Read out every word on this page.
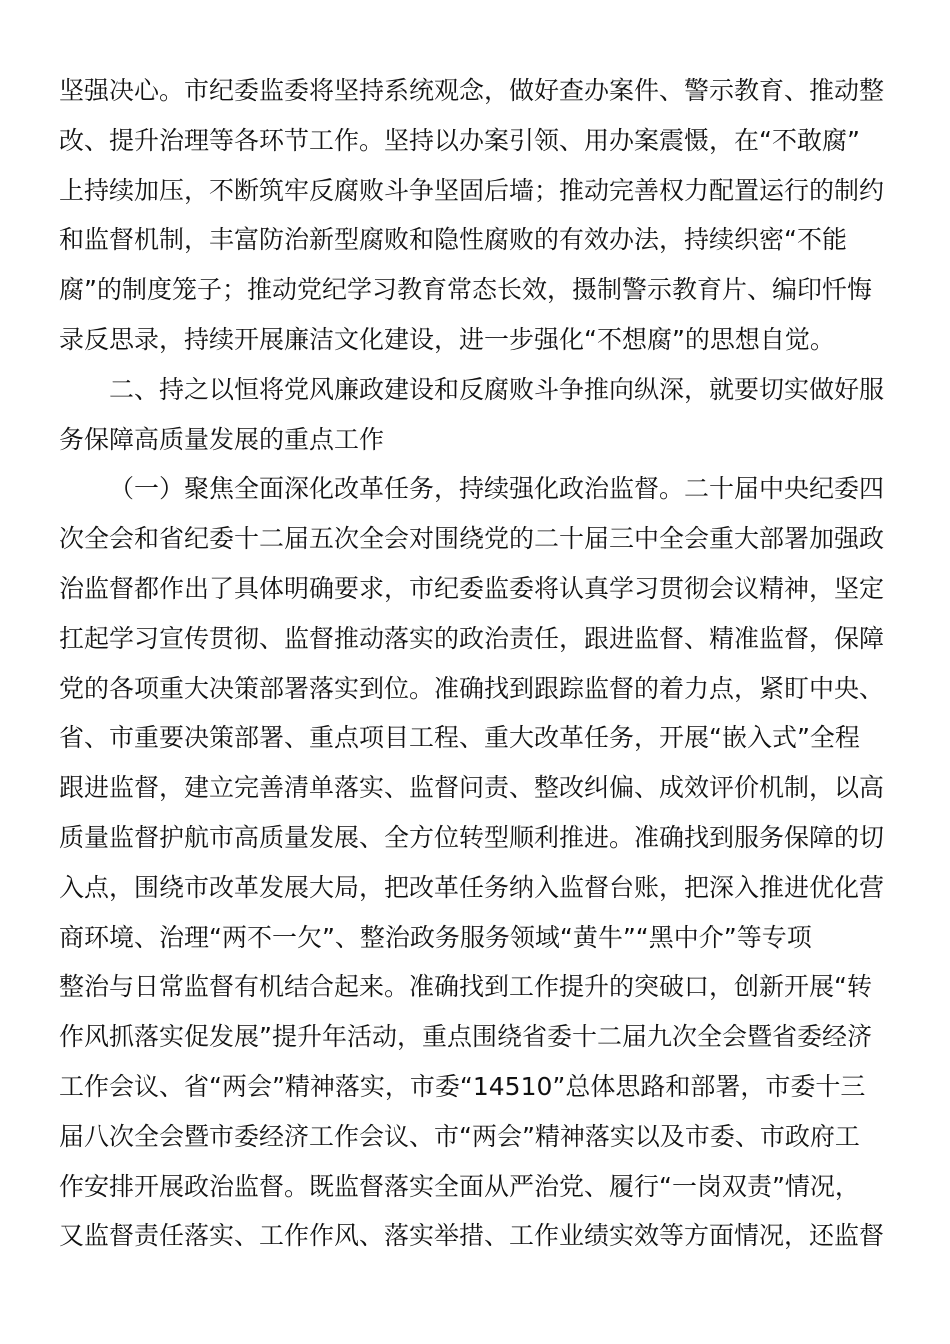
坚强决心。市纪委监委将坚持系统观念，做好查办案件、警示教育、推动整
改、提升治理等各环节工作。坚持以办案引领、用办案震慑，在“不敢腐”
上持续加压，不断筑牢反腐败斗争坚固后墙；推动完善权力配置运行的制约
和监督机制，丰富防治新型腐败和隐性腐败的有效办法，持续织密“不能
腐”的制度笼子；推动党纪学习教育常态长效，摄制警示教育片、编印忏悔
录反思录，持续开展廉洁文化建设，进一步强化“不想腐”的思想自觉。
二、持之以恒将党风廉政建设和反腐败斗争推向纵深，就要切实做好服
务保障高质量发展的重点工作
（一）聚焦全面深化改革任务，持续强化政治监督。二十届中央纪委四
次全会和省纪委十二届五次全会对围绕党的二十届三中全会重大部署加强政
治监督都作出了具体明确要求，市纪委监委将认真学习贯彻会议精神，坚定
扛起学习宣传贯彻、监督推动落实的政治责任，跟进监督、精准监督，保障
党的各项重大决策部署落实到位。准确找到跟踪监督的着力点，紧盯中央、
省、市重要决策部署、重点项目工程、重大改革任务，开展“嵌入式”全程
跟进监督，建立完善清单落实、监督问责、整改纠偏、成效评价机制，以高
质量监督护航市高质量发展、全方位转型顺利推进。准确找到服务保障的切
入点，围绕市改革发展大局，把改革任务纳入监督台账，把深入推进优化营
商环境、治理“两不一欠”、整治政务服务领域“黄牛”“黑中介”等专项
整治与日常监督有机结合起来。准确找到工作提升的突破口，创新开展“转
作风抓落实促发展”提升年活动，重点围绕省委十二届九次全会暨省委经济
工作会议、省“两会”精神落实，市委“14510”总体思路和部署，市委十三
届八次全会暨市委经济工作会议、市“两会”精神落实以及市委、市政府工
作安排开展政治监督。既监督落实全面从严治党、履行“一岗双责”情况，
又监督责任落实、工作作风、落实举措、工作业绩实效等方面情况，还监督
